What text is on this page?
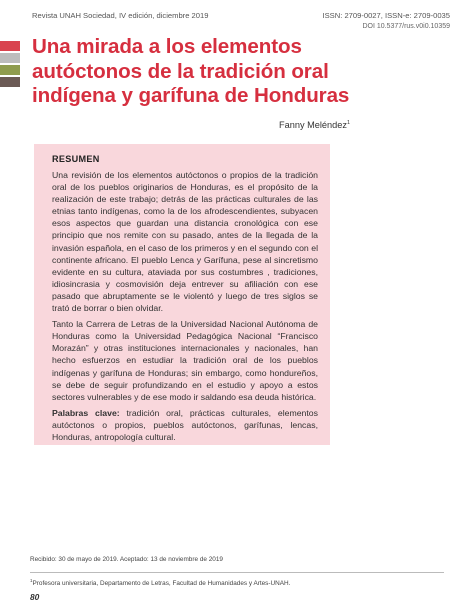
Revista UNAH Sociedad, IV edición, diciembre 2019	ISSN: 2709-0027, ISSN-e: 2709-0035
DOI 10.5377/rus.v0i0.10359
Una mirada a los elementos
autóctonos de la tradición oral
indígena y garífuna de Honduras
Fanny Meléndez$^1$
RESUMEN

Una revisión de los elementos autóctonos o propios de la tradición oral de los pueblos originarios de Honduras, es el propósito de la realización de este trabajo; detrás de las prácticas culturales de las etnias tanto indígenas, como la de los afrodescendientes, subyacen esos aspectos que guardan una distancia cronológica con ese principio que nos remite con su pasado, antes de la llegada de la invasión española, en el caso de los primeros y en el segundo con el continente africano. El pueblo Lenca y Garífuna, pese al sincretismo evidente en su cultura, ataviada por sus costumbres , tradiciones, idiosincrasia y cosmovisión deja entrever su afiliación con ese pasado que abruptamente se le violentó y luego de tres siglos se trató de borrar o bien olvidar.

Tanto la Carrera de Letras de la Universidad Nacional Autónoma de Honduras como la Universidad Pedagógica Nacional “Francisco Morazán” y otras instituciones internacionales y nacionales, han hecho esfuerzos en estudiar la tradición oral de los pueblos indígenas y garífuna de Honduras; sin embargo, como hondureños, se debe de seguir profundizando en el estudio y apoyo a estos sectores vulnerables y de ese modo ir saldando esa deuda histórica.

Palabras clave: tradición oral, prácticas culturales, elementos autóctonos o propios, pueblos autóctonos, garífunas, lencas, Honduras, antropología cultural.

Recibido: 30 de mayo de 2019. Aceptado: 13 de noviembre de 2019
$^1$Profesora universitaria, Departamento de Letras, Facultad de Humanidades y Artes-UNAH.
80
